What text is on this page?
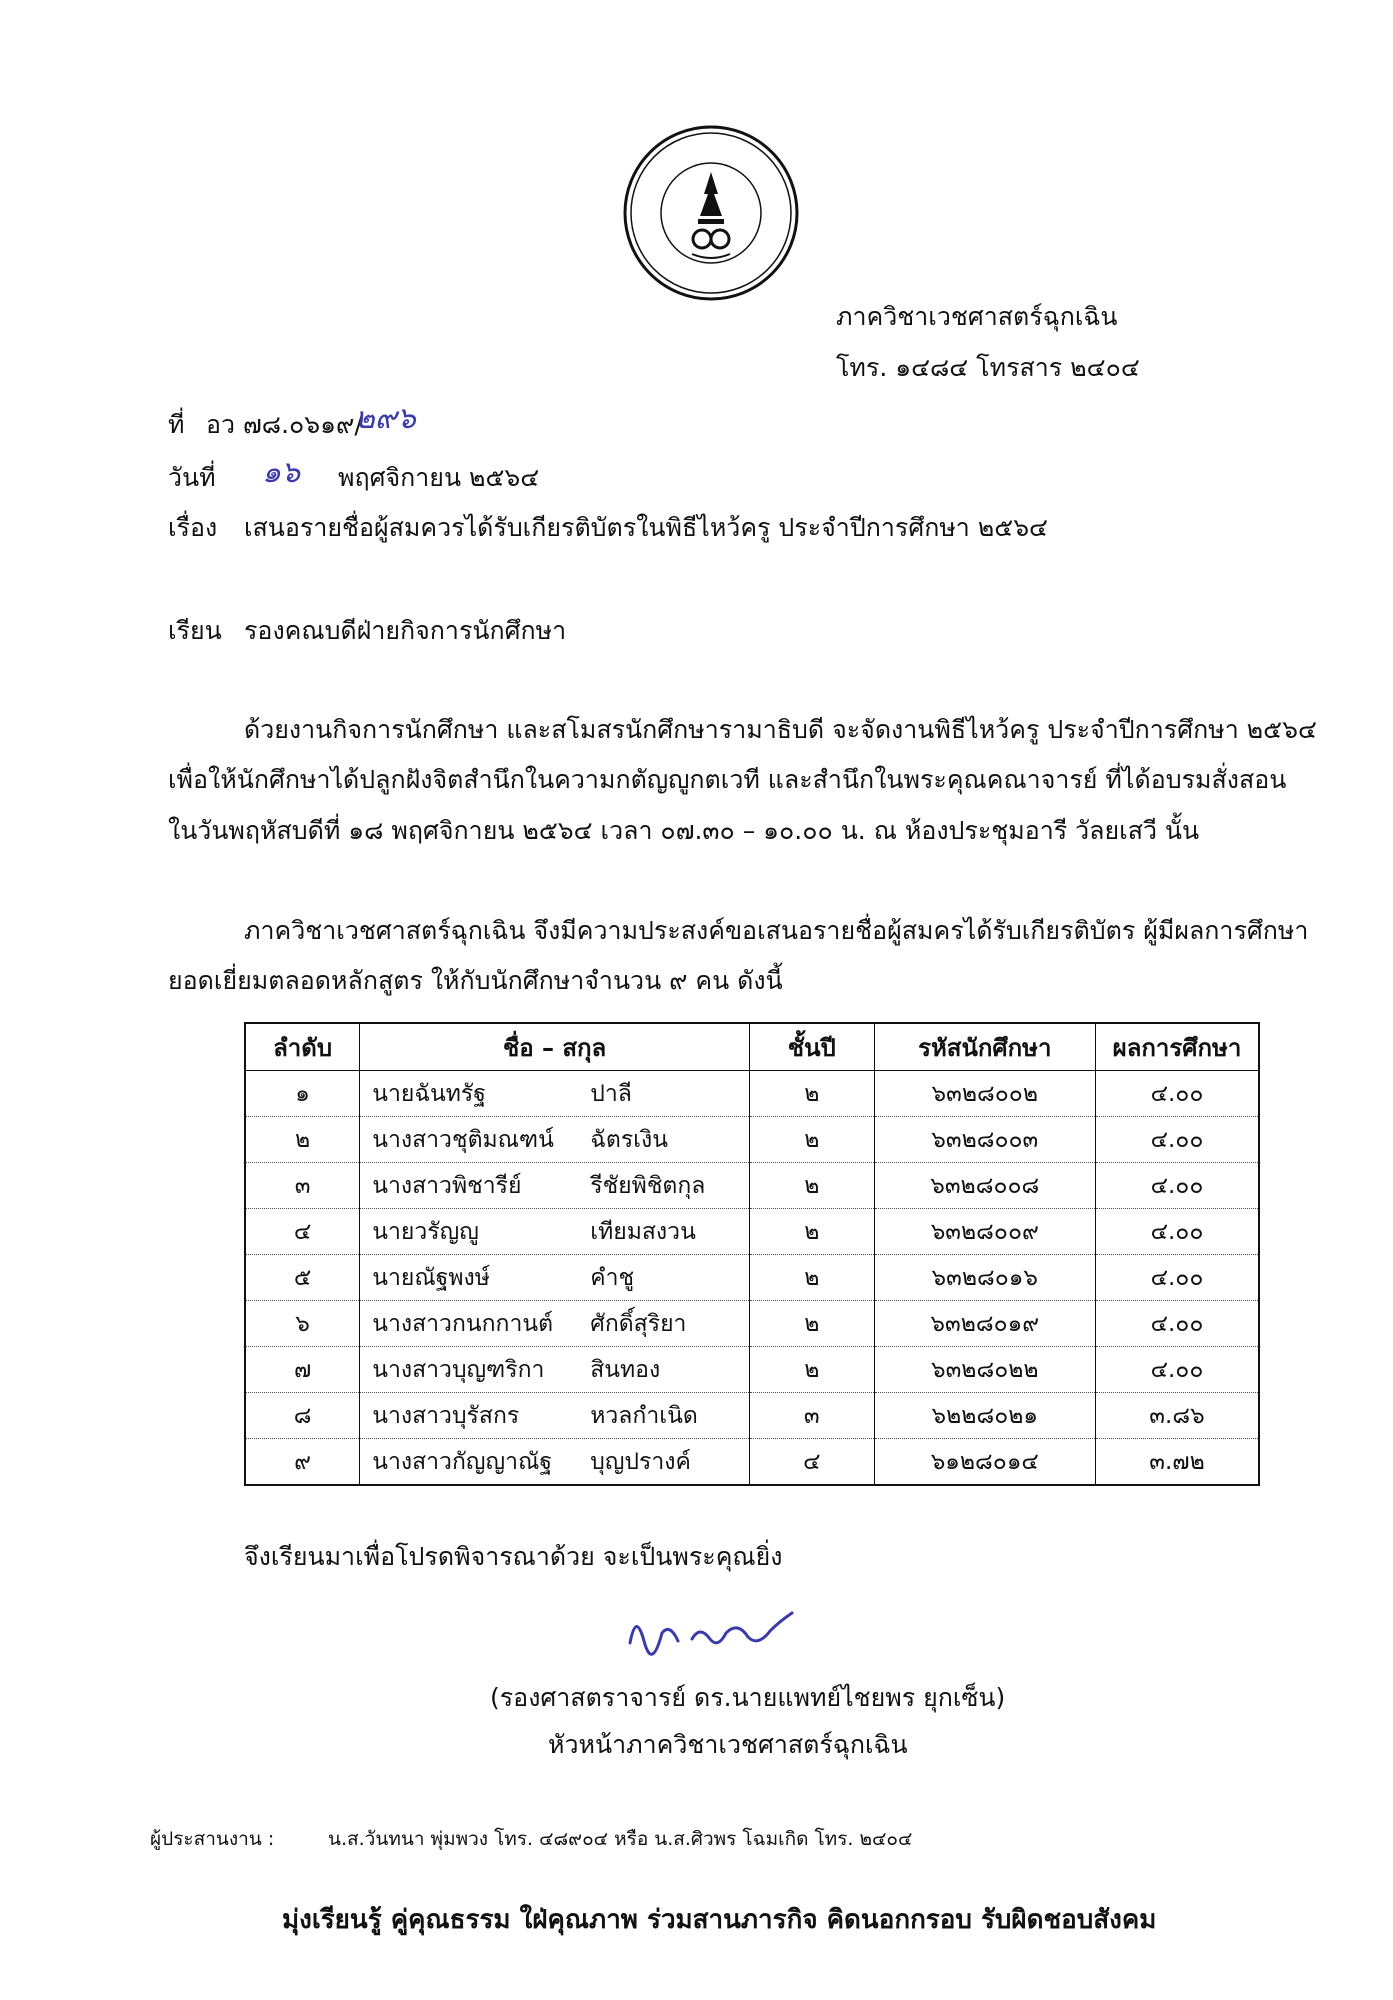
ภาควิชาเวชศาสตร์ฉุกเฉิน
โทร. ๑๔๘๔ โทรสาร ๒๔๐๔
ที่ อว ๗๘.๐๖๑๙/
๒๙๖
วันที่ ๑๖ พฤศจิกายน ๒๕๖๔
เรื่อง เสนอรายชื่อผู้สมควรได้รับเกียรติบัตรในพิธีไหว้ครู ประจำปีการศึกษา ๒๕๖๔
เรียน รองคณบดีฝ่ายกิจการนักศึกษา
ด้วยงานกิจการนักศึกษา และสโมสรนักศึกษารามาธิบดี จะจัดงานพิธีไหว้ครู ประจำปีการศึกษา ๒๕๖๔
เพื่อให้นักศึกษาได้ปลูกฝังจิตสำนึกในความกตัญญูกตเวที และสำนึกในพระคุณคณาจารย์ ที่ได้อบรมสั่งสอน
ในวันพฤหัสบดีที่ ๑๘ พฤศจิกายน ๒๕๖๔ เวลา ๐๗.๓๐ – ๑๐.๐๐ น. ณ ห้องประชุมอารี วัลยเสวี นั้น
ภาควิชาเวชศาสตร์ฉุกเฉิน จึงมีความประสงค์ขอเสนอรายชื่อผู้สมครได้รับเกียรติบัตร ผู้มีผลการศึกษา
ยอดเยี่ยมตลอดหลักสูตร ให้กับนักศึกษาจำนวน ๙ คน ดังนี้
ลำดับ	ชื่อ – สกุล	ชั้นปี	รหัสนักศึกษา	ผลการศึกษา
๑	นายฉันทรัฐ ปาลี	๒	๖๓๒๘๐๐๒	๔.๐๐
๒	นางสาวชุติมณฑน์ ฉัตรเงิน	๒	๖๓๒๘๐๐๓	๔.๐๐
๓	นางสาวพิชารีย์ รีชัยพิชิตกุล	๒	๖๓๒๘๐๐๘	๔.๐๐
๔	นายวรัญญู เทียมสงวน	๒	๖๓๒๘๐๐๙	๔.๐๐
๕	นายณัฐพงษ์ คำชู	๒	๖๓๒๘๐๑๖	๔.๐๐
๖	นางสาวกนกกานต์ ศักดิ์สุริยา	๒	๖๓๒๘๐๑๙	๔.๐๐
๗	นางสาวบุญฑริกา สินทอง	๒	๖๓๒๘๐๒๒	๔.๐๐
๘	นางสาวบุรัสกร หวลกำเนิด	๓	๖๒๒๘๐๒๑	๓.๘๖
๙	นางสาวกัญญาณัฐ บุญปรางค์	๔	๖๑๒๘๐๑๔	๓.๗๒
จึงเรียนมาเพื่อโปรดพิจารณาด้วย จะเป็นพระคุณยิ่ง
(รองศาสตราจารย์ ดร.นายแพทย์ไชยพร ยุกเซ็น)
หัวหน้าภาควิชาเวชศาสตร์ฉุกเฉิน
ผู้ประสานงาน :	น.ส.วันทนา พุ่มพวง โทร. ๔๘๙๐๔ หรือ น.ส.ศิวพร โฉมเกิด โทร. ๒๔๐๔
มุ่งเรียนรู้ คู่คุณธรรม ใฝ่คุณภาพ ร่วมสานภารกิจ คิดนอกกรอบ รับผิดชอบสังคม
